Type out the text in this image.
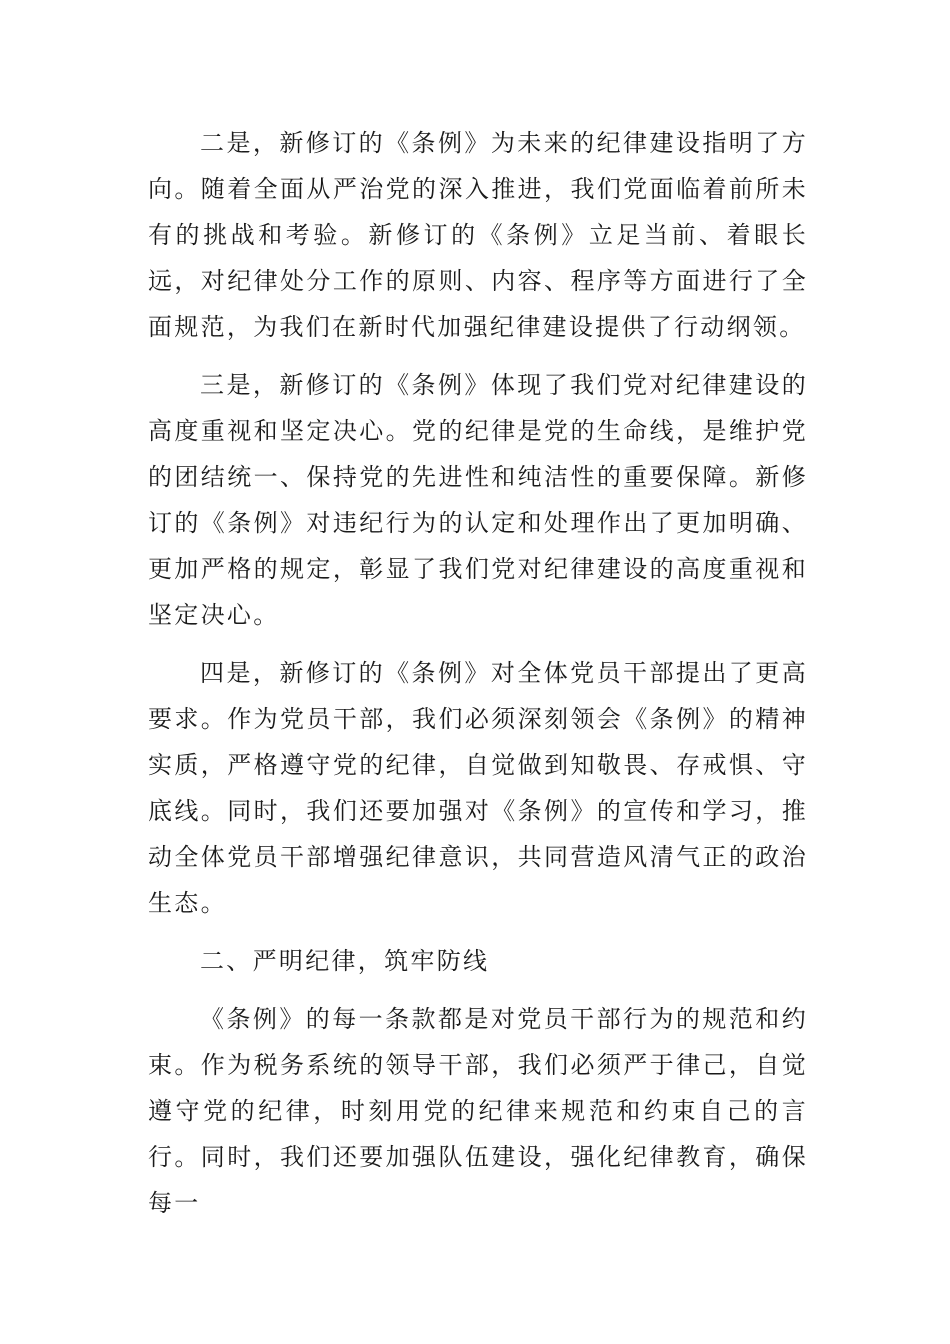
二是，新修订的《条例》为未来的纪律建设指明了方向。随着全面从严治党的深入推进，我们党面临着前所未有的挑战和考验。新修订的《条例》立足当前、着眼长远，对纪律处分工作的原则、内容、程序等方面进行了全面规范，为我们在新时代加强纪律建设提供了行动纲领。

三是，新修订的《条例》体现了我们党对纪律建设的高度重视和坚定决心。党的纪律是党的生命线，是维护党的团结统一、保持党的先进性和纯洁性的重要保障。新修订的《条例》对违纪行为的认定和处理作出了更加明确、更加严格的规定，彰显了我们党对纪律建设的高度重视和坚定决心。

四是，新修订的《条例》对全体党员干部提出了更高要求。作为党员干部，我们必须深刻领会《条例》的精神实质，严格遵守党的纪律，自觉做到知敬畏、存戒惧、守底线。同时，我们还要加强对《条例》的宣传和学习，推动全体党员干部增强纪律意识，共同营造风清气正的政治生态。

二、严明纪律，筑牢防线

《条例》的每一条款都是对党员干部行为的规范和约束。作为税务系统的领导干部，我们必须严于律己，自觉遵守党的纪律，时刻用党的纪律来规范和约束自己的言行。同时，我们还要加强队伍建设，强化纪律教育，确保每一
